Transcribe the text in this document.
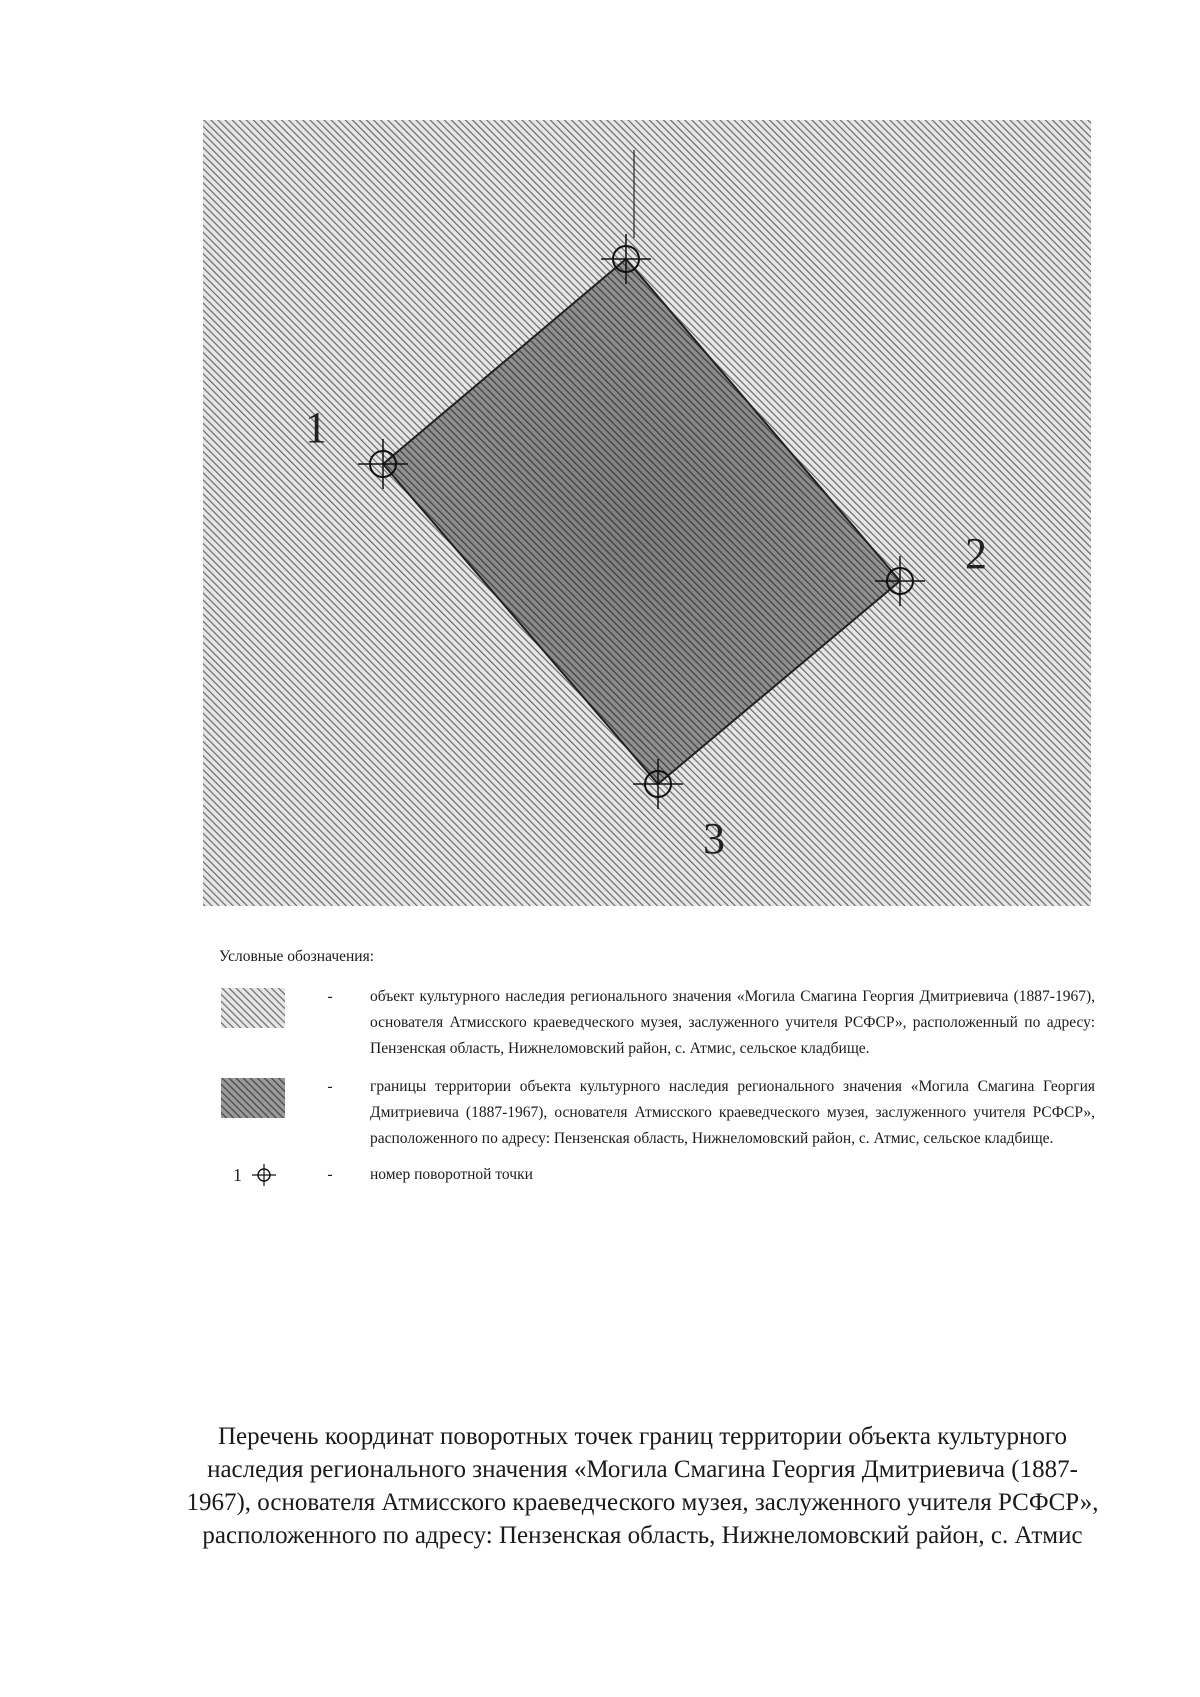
1
2
3
Условные обозначения:
-	объект культурного наследия регионального значения «Могила Смагина Георгия Дмитриевича (1887-1967), основателя Атмисского краеведческого музея, заслуженного учителя РСФСР», расположенный по адресу: Пензенская область, Нижнеломовский район, с. Атмис, сельское кладбище.
-	границы территории объекта культурного наследия регионального значения «Могила Смагина Георгия Дмитриевича (1887-1967), основателя Атмисского краеведческого музея, заслуженного учителя РСФСР», расположенного по адресу: Пензенская область, Нижнеломовский район, с. Атмис, сельское кладбище.
1	-	номер поворотной точки
Перечень координат поворотных точек границ территории объекта культурного наследия регионального значения «Могила Смагина Георгия Дмитриевича (1887-1967), основателя Атмисского краеведческого музея, заслуженного учителя РСФСР», расположенного по адресу: Пензенская область, Нижнеломовский район, с. Атмис
